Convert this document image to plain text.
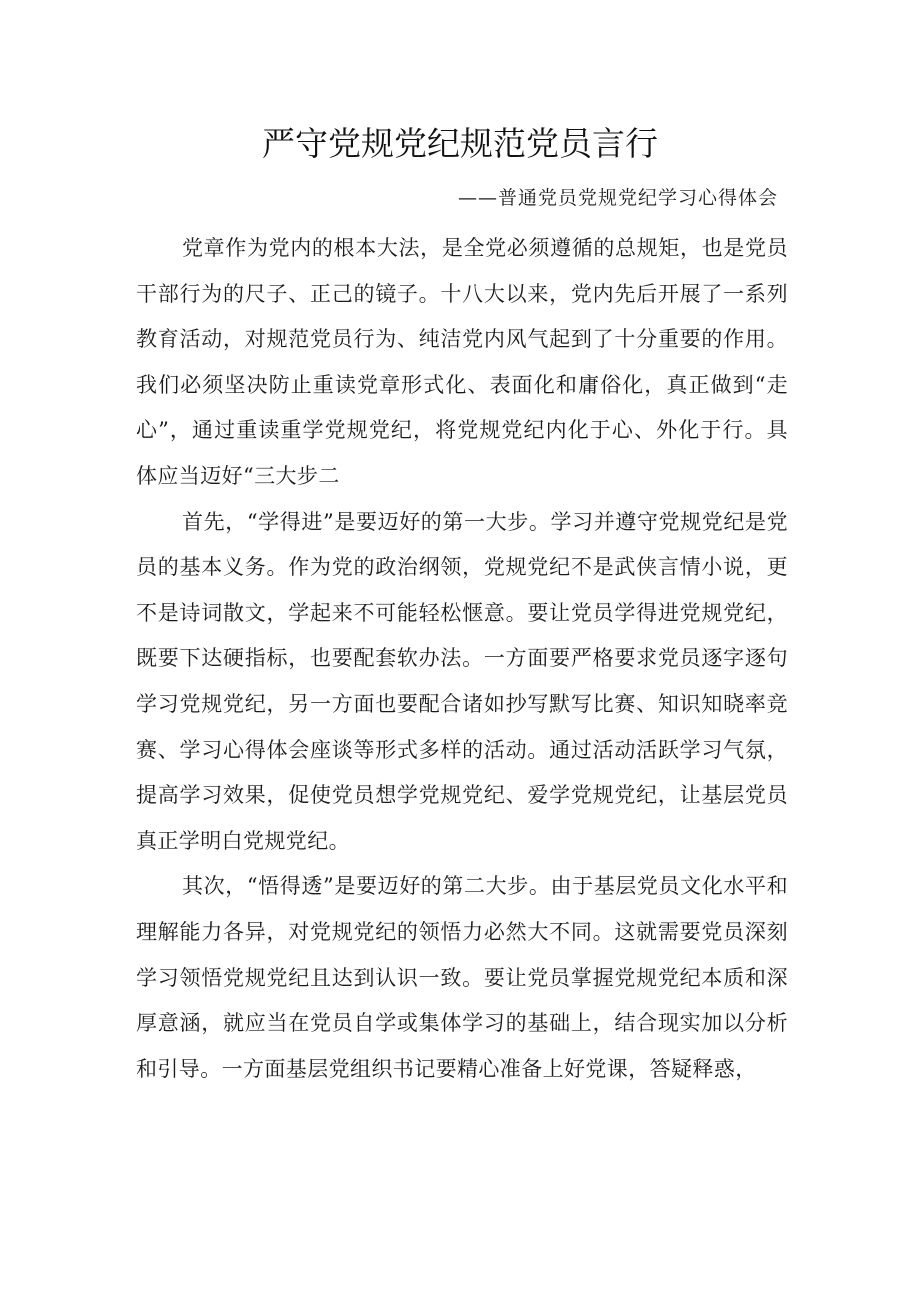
严守党规党纪规范党员言行
——普通党员党规党纪学习心得体会

党章作为党内的根本大法，是全党必须遵循的总规矩，也是党员干部行为的尺子、正己的镜子。十八大以来，党内先后开展了一系列教育活动，对规范党员行为、纯洁党内风气起到了十分重要的作用。我们必须坚决防止重读党章形式化、表面化和庸俗化，真正做到“走心”，通过重读重学党规党纪，将党规党纪内化于心、外化于行。具体应当迈好“三大步二

首先，“学得进”是要迈好的第一大步。学习并遵守党规党纪是党员的基本义务。作为党的政治纲领，党规党纪不是武侠言情小说，更不是诗词散文，学起来不可能轻松惬意。要让党员学得进党规党纪，既要下达硬指标，也要配套软办法。一方面要严格要求党员逐字逐句学习党规党纪，另一方面也要配合诸如抄写默写比赛、知识知晓率竞赛、学习心得体会座谈等形式多样的活动。通过活动活跃学习气氛，提高学习效果，促使党员想学党规党纪、爱学党规党纪，让基层党员真正学明白党规党纪。

其次，“悟得透”是要迈好的第二大步。由于基层党员文化水平和理解能力各异，对党规党纪的领悟力必然大不同。这就需要党员深刻学习领悟党规党纪且达到认识一致。要让党员掌握党规党纪本质和深厚意涵，就应当在党员自学或集体学习的基础上，结合现实加以分析和引导。一方面基层党组织书记要精心准备上好党课，答疑释惑，
